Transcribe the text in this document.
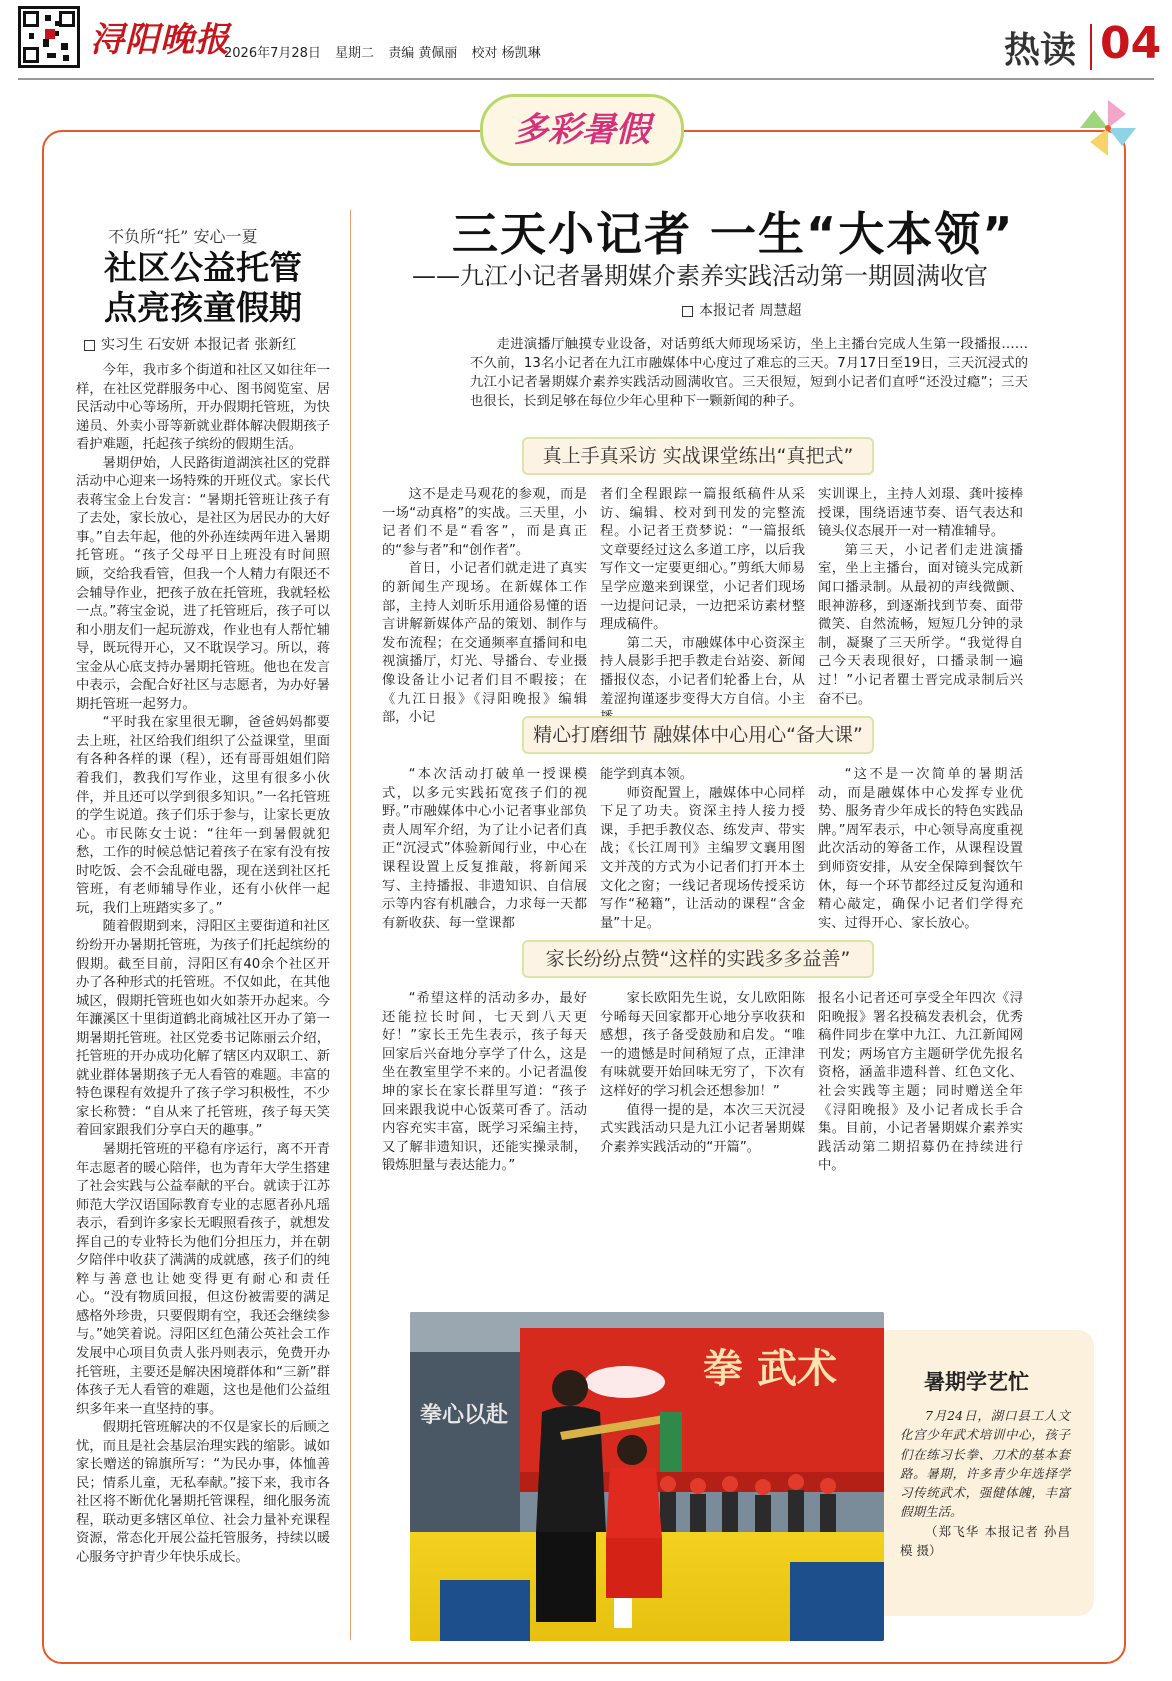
浔阳晚报
2026年7月28日 星期二 责编 黄佩丽 校对 杨凯琳	热读 04
多彩暑假
不负所“托” 安心一夏
社区公益托管
点亮孩童假期
实习生 石安妍 本报记者 张新红

今年，我市多个街道和社区又如往年一样，在社区党群服务中心、图书阅览室、居民活动中心等场所，开办假期托管班，为快递员、外卖小哥等新就业群体解决假期孩子看护难题，托起孩子缤纷的假期生活。

暑期伊始，人民路街道湖滨社区的党群活动中心迎来一场特殊的开班仪式。家长代表蒋宝金上台发言：“暑期托管班让孩子有了去处，家长放心，是社区为居民办的大好事。”自去年起，他的外孙连续两年进入暑期托管班。“孩子父母平日上班没有时间照顾，交给我看管，但我一个人精力有限还不会辅导作业，把孩子放在托管班，我就轻松一点。”蒋宝金说，进了托管班后，孩子可以和小朋友们一起玩游戏，作业也有人帮忙辅导，既玩得开心，又不耽误学习。所以，蒋宝金从心底支持办暑期托管班。他也在发言中表示，会配合好社区与志愿者，为办好暑期托管班一起努力。

“平时我在家里很无聊，爸爸妈妈都要去上班，社区给我们组织了公益课堂，里面有各种各样的课（程），还有哥哥姐姐们陪着我们，教我们写作业，这里有很多小伙伴，并且还可以学到很多知识。”一名托管班的学生说道。孩子们乐于参与，让家长更放心。市民陈女士说：“往年一到暑假就犯愁，工作的时候总惦记着孩子在家有没有按时吃饭、会不会乱碰电器，现在送到社区托管班，有老师辅导作业，还有小伙伴一起玩，我们上班踏实多了。”

随着假期到来，浔阳区主要街道和社区纷纷开办暑期托管班，为孩子们托起缤纷的假期。截至目前，浔阳区有40余个社区开办了各种形式的托管班。不仅如此，在其他城区，假期托管班也如火如荼开办起来。今年濂溪区十里街道鹤北商城社区开办了第一期暑期托管班。社区党委书记陈丽云介绍，托管班的开办成功化解了辖区内双职工、新就业群体暑期孩子无人看管的难题。丰富的特色课程有效提升了孩子学习积极性，不少家长称赞：“自从来了托管班，孩子每天笑着回家跟我们分享白天的趣事。”

暑期托管班的平稳有序运行，离不开青年志愿者的暖心陪伴，也为青年大学生搭建了社会实践与公益奉献的平台。就读于江苏师范大学汉语国际教育专业的志愿者孙凡瑶表示，看到许多家长无暇照看孩子，就想发挥自己的专业特长为他们分担压力，并在朝夕陪伴中收获了满满的成就感，孩子们的纯粹与善意也让她变得更有耐心和责任心。“没有物质回报，但这份被需要的满足感格外珍贵，只要假期有空，我还会继续参与。”她笑着说。浔阳区红色蒲公英社会工作发展中心项目负责人张丹则表示，免费开办托管班，主要还是解决困境群体和“三新”群体孩子无人看管的难题，这也是他们公益组织多年来一直坚持的事。

假期托管班解决的不仅是家长的后顾之忧，而且是社会基层治理实践的缩影。诚如家长赠送的锦旗所写：“为民办事，体恤善民；情系儿童，无私奉献。”接下来，我市各社区将不断优化暑期托管课程，细化服务流程，联动更多辖区单位、社会力量补充课程资源，常态化开展公益托管服务，持续以暖心服务守护青少年快乐成长。

三天小记者 一生“大本领”
——九江小记者暑期媒介素养实践活动第一期圆满收官
本报记者 周慧超

走进演播厅触摸专业设备，对话剪纸大师现场采访，坐上主播台完成人生第一段播报……不久前，13名小记者在九江市融媒体中心度过了难忘的三天。7月17日至19日，三天沉浸式的九江小记者暑期媒介素养实践活动圆满收官。三天很短，短到小记者们直呼“还没过瘾”；三天也很长，长到足够在每位少年心里种下一颗新闻的种子。

真上手真采访 实战课堂练出“真把式”

这不是走马观花的参观，而是一场“动真格”的实战。三天里，小记者们不是“看客”，而是真正的“参与者”和“创作者”。

首日，小记者们就走进了真实的新闻生产现场。在新媒体工作部，主持人刘昕乐用通俗易懂的语言讲解新媒体产品的策划、制作与发布流程；在交通频率直播间和电视演播厅，灯光、导播台、专业摄像设备让小记者们目不暇接；在《九江日报》《浔阳晚报》编辑部，小记

者们全程跟踪一篇报纸稿件从采访、编辑、校对到刊发的完整流程。小记者王贲梦说：“一篇报纸文章要经过这么多道工序，以后我写作文一定要更细心。”剪纸大师易呈学应邀来到课堂，小记者们现场一边提问记录，一边把采访素材整理成稿件。

第二天，市融媒体中心资深主持人晨影手把手教走台站姿、新闻播报仪态，小记者们轮番上台，从羞涩拘谨逐步变得大方自信。小主

实训课上，主持人刘璟、龚叶接棒授课，围绕语速节奏、语气表达和镜头仪态展开一对一精准辅导。

第三天，小记者们走进演播室，坐上主播台，面对镜头完成新闻口播录制。从最初的声线微颤、眼神游移，到逐渐找到节奏、面带微笑、自然流畅，短短几分钟的录制，凝聚了三天所学。“我觉得自己今天表现很好，口播录制一遍过！”小记者瞿士晋完成录制后兴奋不已。

精心打磨细节 融媒体中心用心“备大课”

“本次活动打破单一授课模式，以多元实践拓宽孩子们的视野。”市融媒体中心小记者事业部负责人周军介绍，为了让小记者们真正“沉浸式”体验新闻行业，中心在课程设置上反复推敲，将新闻采写、主持播报、非遗知识、自信展示等内容有机融合，力求每一天都有新收获、每一堂课都

能学到真本领。

师资配置上，融媒体中心同样下足了功夫。资深主持人接力授课，手把手教仪态、练发声、带实战；《长江周刊》主编罗文襄用图文并茂的方式为小记者们打开本土文化之窗；一线记者现场传授采访写作“秘籍”，让活动的课程“含金量”十足。

“这不是一次简单的暑期活动，而是融媒体中心发挥专业优势、服务青少年成长的特色实践品牌。”周军表示，中心领导高度重视此次活动的筹备工作，从课程设置到师资安排，从安全保障到餐饮午休，每一个环节都经过反复沟通和精心敲定，确保小记者们学得充实、过得开心、家长放心。

家长纷纷点赞“这样的实践多多益善”

“希望这样的活动多办，最好还能拉长时间，七天到八天更好！”家长王先生表示，孩子每天回家后兴奋地分享学了什么，这是坐在教室里学不来的。小记者温俊坤的家长在家长群里写道：“孩子回来跟我说中心饭菜可香了。活动内容充实丰富，既学习采编主持，又了解非遗知识，还能实操录制，锻炼胆量与表达能力。”

家长欧阳先生说，女儿欧阳陈兮晞每天回家都开心地分享收获和感想，孩子备受鼓励和启发。“唯一的遗憾是时间稍短了点，正津津有味就要开始回味无穷了，下次有这样好的学习机会还想参加！”

值得一提的是，本次三天沉浸式实践活动只是九江小记者暑期媒介素养实践活动的“开篇”。

报名小记者还可享受全年四次《浔阳晚报》署名投稿发表机会，优秀稿件同步在掌中九江、九江新闻网刊发；两场官方主题研学优先报名资格，涵盖非遗科普、红色文化、社会实践等主题；同时赠送全年《浔阳晚报》及小记者成长手合集。目前，小记者暑期媒介素养实践活动第二期招募仍在持续进行中。

拳 武术
拳心以赴
暑期学艺忙

7月24日，湖口县工人文化宫少年武术培训中心，孩子们在练习长拳、刀术的基本套路。暑期，许多青少年选择学习传统武术，强健体魄，丰富假期生活。

（郑飞华 本报记者 孙昌模 摄）
